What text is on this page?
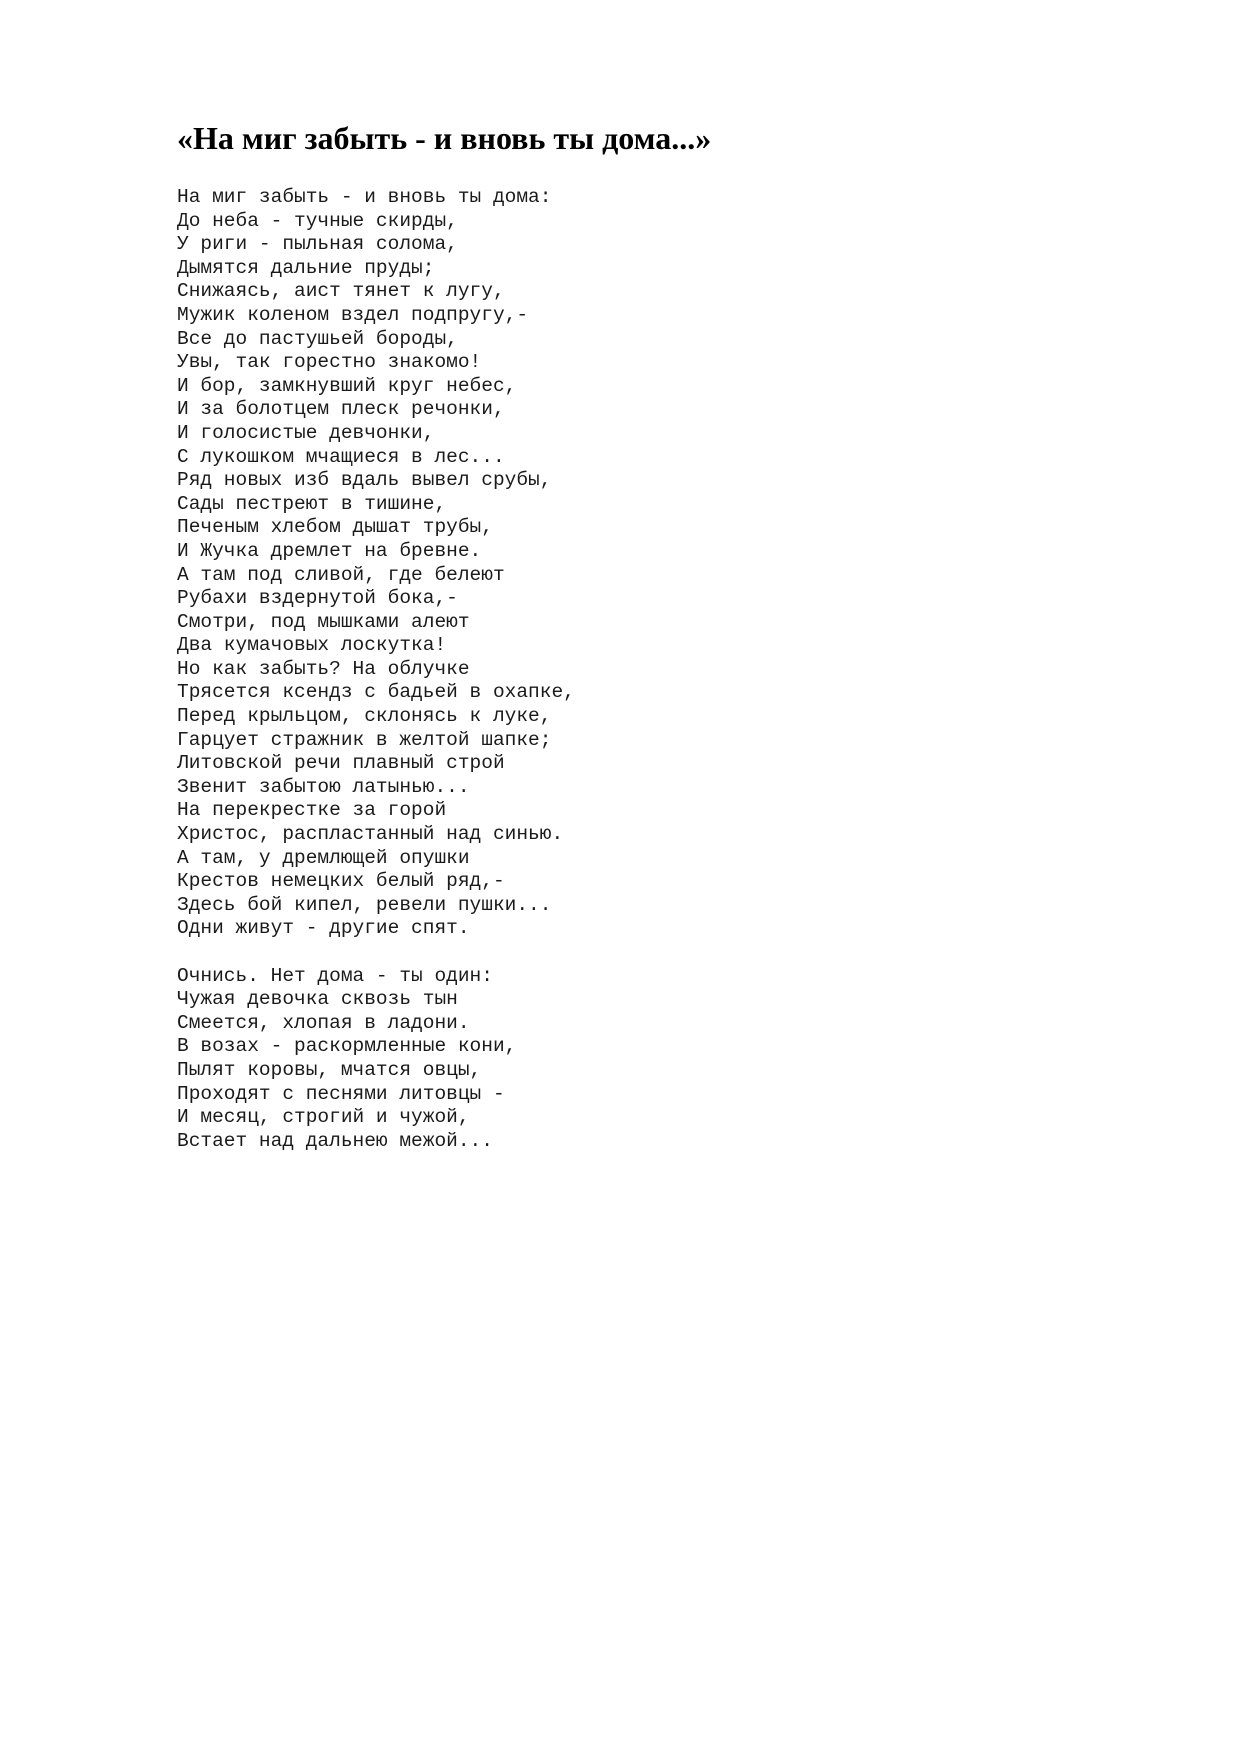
«На миг забыть - и вновь ты дома...»
На миг забыть - и вновь ты дома:
До неба - тучные скирды,
У риги - пыльная солома,
Дымятся дальние пруды;
Снижаясь, аист тянет к лугу,
Мужик коленом вздел подпругу,-
Все до пастушьей бороды,
Увы, так горестно знакомо!
И бор, замкнувший круг небес,
И за болотцем плеск речонки,
И голосистые девчонки,
С лукошком мчащиеся в лес...
Ряд новых изб вдаль вывел срубы,
Сады пестреют в тишине,
Печеным хлебом дышат трубы,
И Жучка дремлет на бревне.
А там под сливой, где белеют
Рубахи вздернутой бока,-
Смотри, под мышками алеют
Два кумачовых лоскутка!
Но как забыть? На облучке
Трясется ксендз с бадьей в охапке,
Перед крыльцом, склонясь к луке,
Гарцует стражник в желтой шапке;
Литовской речи плавный строй
Звенит забытою латынью...
На перекрестке за горой
Христос, распластанный над синью.
А там, у дремлющей опушки
Крестов немецких белый ряд,-
Здесь бой кипел, ревели пушки...
Одни живут - другие спят.
Очнись. Нет дома - ты один:
Чужая девочка сквозь тын
Смеется, хлопая в ладони.
В возах - раскормленные кони,
Пылят коровы, мчатся овцы,
Проходят с песнями литовцы -
И месяц, строгий и чужой,
Встает над дальнею межой...
